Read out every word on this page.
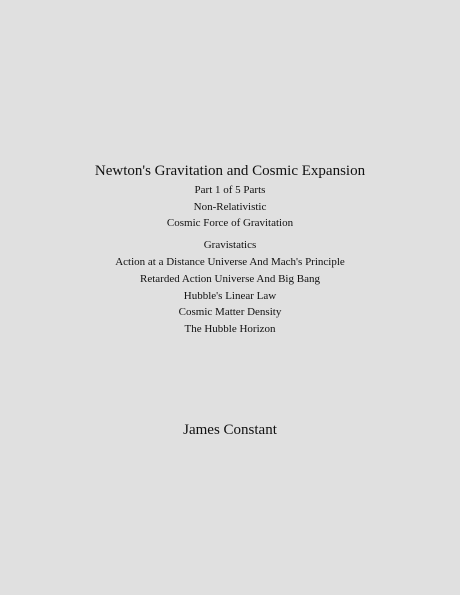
Newton's Gravitation and Cosmic Expansion
Part 1 of 5 Parts
Non-Relativistic
Cosmic Force of Gravitation
Gravistatics
Action at a Distance Universe And Mach's Principle
Retarded Action Universe And Big Bang
Hubble's Linear Law
Cosmic Matter Density
The Hubble Horizon
James Constant
